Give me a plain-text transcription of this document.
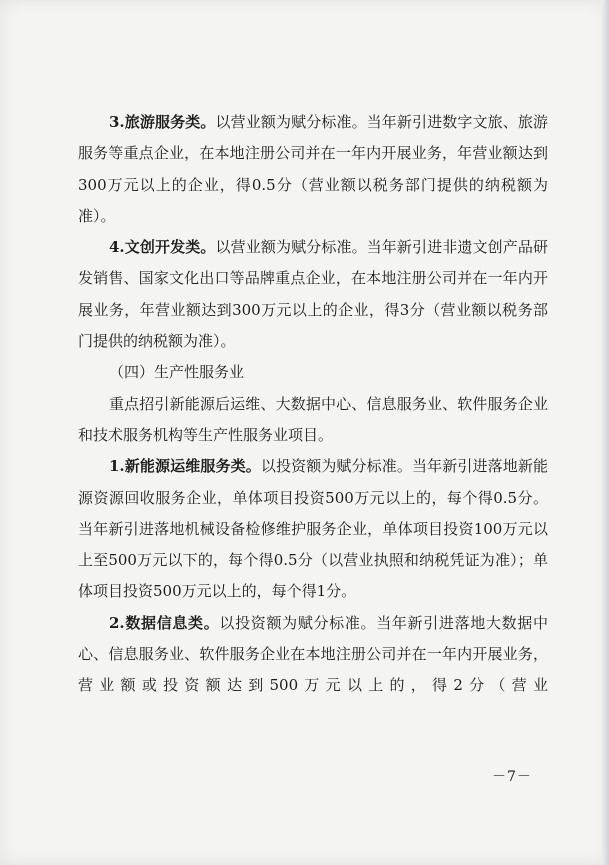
3.旅游服务类。以营业额为赋分标准。当年新引进数字文旅、旅游服务等重点企业，在本地注册公司并在一年内开展业务，年营业额达到300万元以上的企业，得0.5分（营业额以税务部门提供的纳税额为准）。

4.文创开发类。以营业额为赋分标准。当年新引进非遗文创产品研发销售、国家文化出口等品牌重点企业，在本地注册公司并在一年内开展业务，年营业额达到300万元以上的企业，得3分（营业额以税务部门提供的纳税额为准）。

（四）生产性服务业

重点招引新能源后运维、大数据中心、信息服务业、软件服务企业和技术服务机构等生产性服务业项目。

1.新能源运维服务类。以投资额为赋分标准。当年新引进落地新能源资源回收服务企业，单体项目投资500万元以上的，每个得0.5分。当年新引进落地机械设备检修维护服务企业，单体项目投资100万元以上至500万元以下的，每个得0.5分（以营业执照和纳税凭证为准）；单体项目投资500万元以上的，每个得1分。

2.数据信息类。以投资额为赋分标准。当年新引进落地大数据中心、信息服务业、软件服务企业在本地注册公司并在一年内开展业务，营业额或投资额达到500万元以上的，得2分（营业

－7－
